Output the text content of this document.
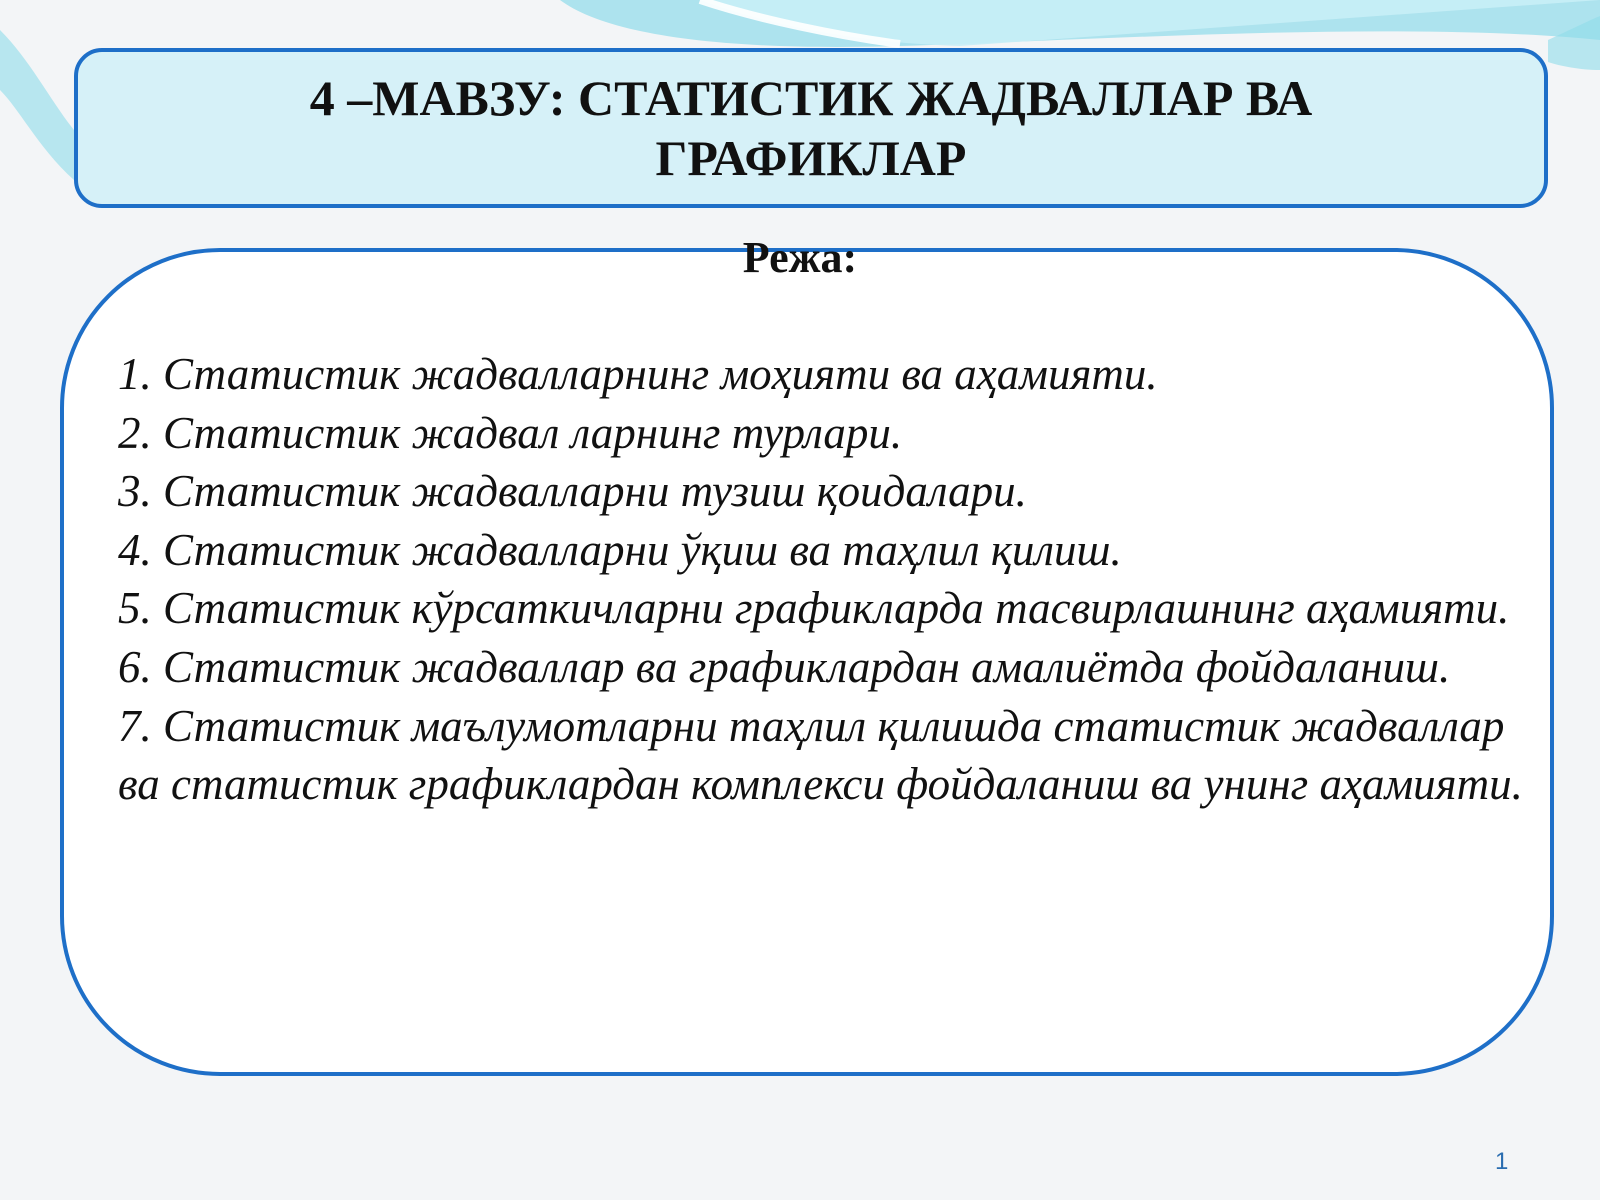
4 –МАВЗУ: СТАТИСТИК ЖАДВАЛЛАР ВА ГРАФИКЛАР
Режа:
1. Статистик жадвалларнинг моҳияти ва аҳамияти.
2. Статистик жадвал ларнинг турлари.
3. Статистик жадвалларни тузиш қоидалари.
4. Статистик жадвалларни ўқиш ва таҳлил қилиш.
5. Статистик кўрсаткичларни графикларда тасвирлашнинг аҳамияти.
6. Статистик жадваллар ва графиклардан амалиётда фойдаланиш.
7. Статистик маълумотларни таҳлил қилишда статистик жадваллар ва статистик графиклардан комплекси фойдаланиш ва унинг аҳамияти.
1
